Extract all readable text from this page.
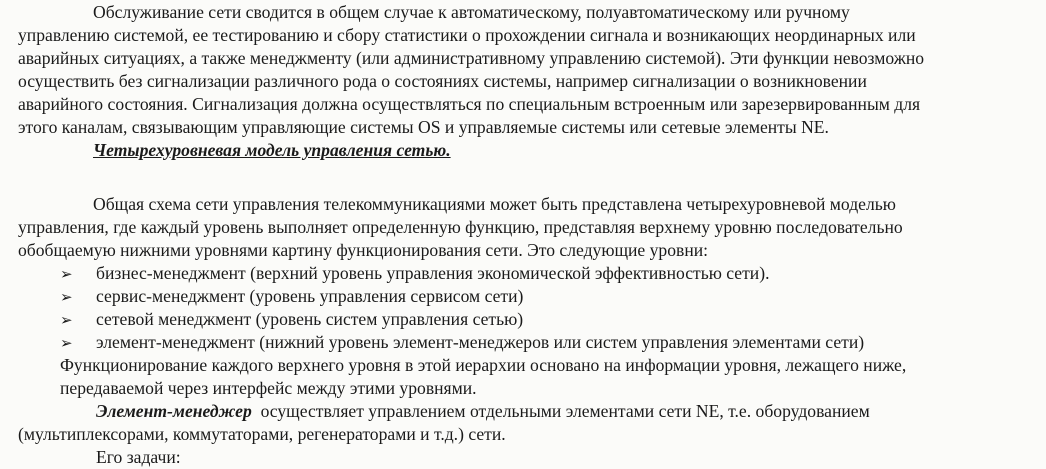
Обслуживание сети сводится в общем случае к автоматическому, полуавтоматическому или ручному
управлению системой, ее тестированию и сбору статистики о прохождении сигнала и возникающих неординарных или
аварийных ситуациях, а также менеджменту (или административному управлению системой). Эти функции невозможно
осуществить без сигнализации различного рода о состояниях системы, например сигнализации о возникновении
аварийного состояния. Сигнализация должна осуществляться по специальным встроенным или зарезервированным для
этого каналам, связывающим управляющие системы OS и управляемые системы или сетевые элементы NE.
Четырехуровневая модель управления сетью.
Общая схема сети управления телекоммуникациями может быть представлена четырехуровневой моделью
управления, где каждый уровень выполняет определенную функцию, представляя верхнему уровню последовательно
обобщаемую нижними уровнями картину функционирования сети. Это следующие уровни:
➢ бизнес-менеджмент (верхний уровень управления экономической эффективностью сети).
➢ сервис-менеджмент (уровень управления сервисом сети)
➢ сетевой менеджмент (уровень систем управления сетью)
➢ элемент-менеджмент (нижний уровень элемент-менеджеров или систем управления элементами сети)
Функционирование каждого верхнего уровня в этой иерархии основано на информации уровня, лежащего ниже,
передаваемой через интерфейс между этими уровнями.
Элемент-менеджер  осуществляет управлением отдельными элементами сети NE, т.е. оборудованием
(мультиплексорами, коммутаторами, регенераторами и т.д.) сети.
Его задачи:
